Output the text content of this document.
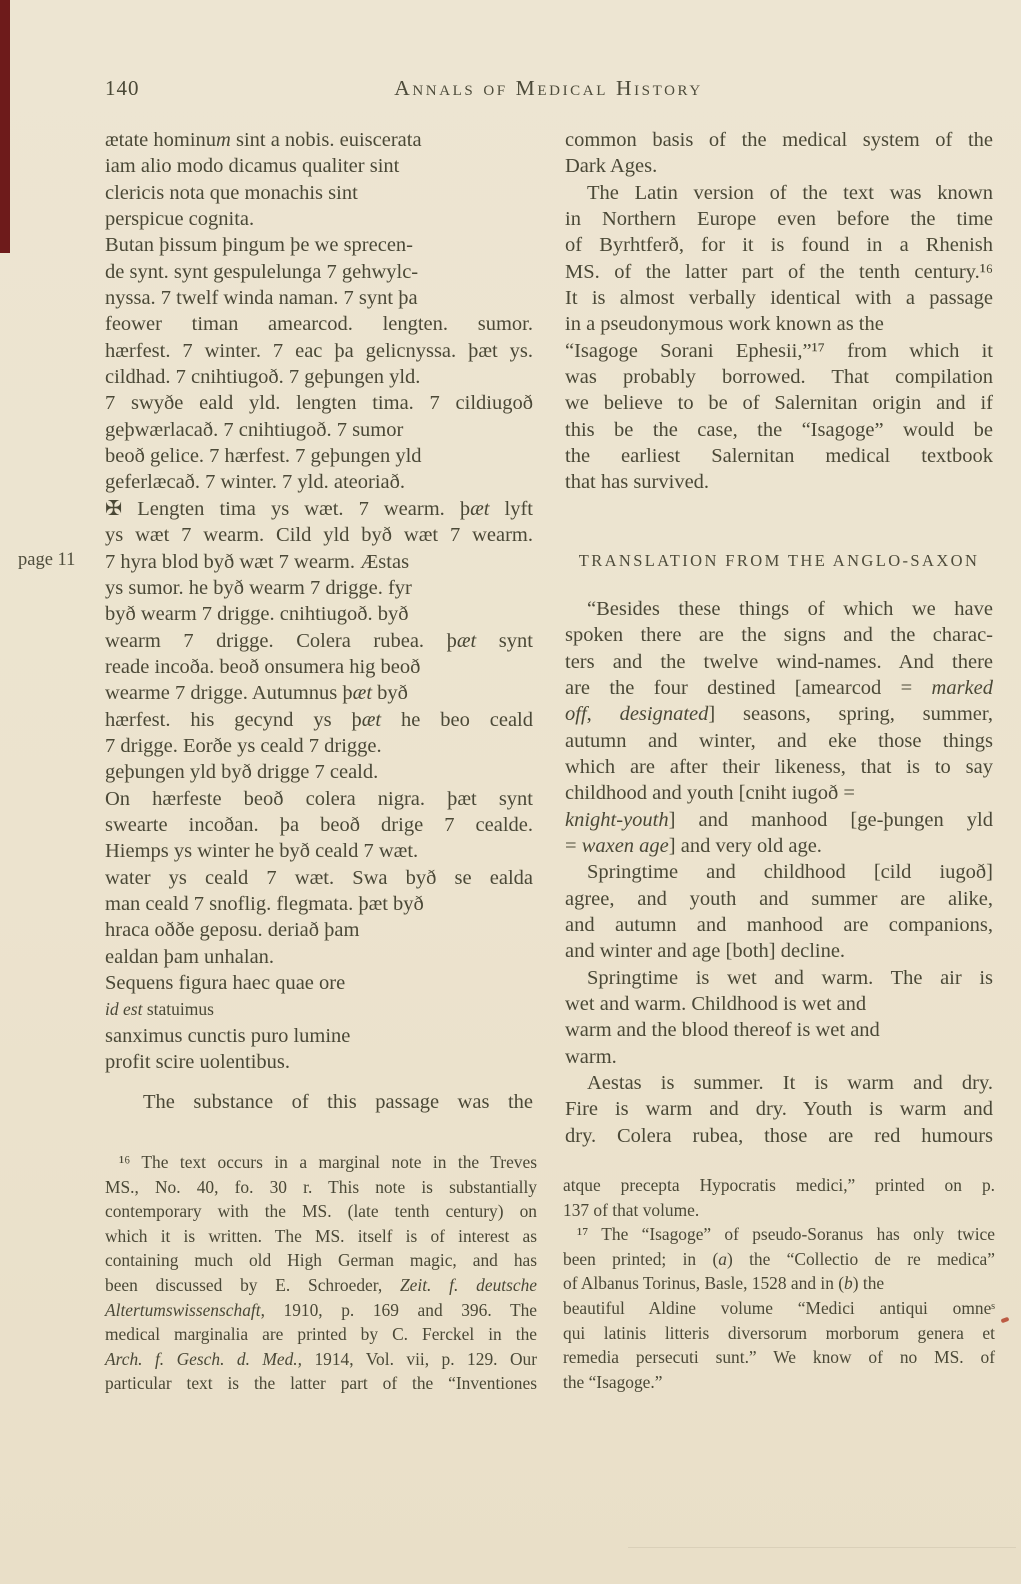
140	Annals of Medical History
page 11
ætate hominum sint a nobis. euiscerata
iam alio modo dicamus qualiter sint
clericis nota que monachis sint
perspicue cognita.
Butan þissum þingum þe we sprecen-
de synt. synt gespulelunga 7 gehwylc-
nyssa. 7 twelf winda naman. 7 synt þa
feower timan amearcod. lengten. sumor.
hærfest. 7 winter. 7 eac þa gelicnyssa. þæt ys.
cildhad. 7 cnihtiugoð. 7 geþungen yld.
7 swyðe eald yld. lengten tima. 7 cildiugoð
geþwærlacað. 7 cnihtiugoð. 7 sumor
beoð gelice. 7 hærfest. 7 geþungen yld
geferlæcað. 7 winter. 7 yld. ateoriað.
✠ Lengten tima ys wæt. 7 wearm. þæt lyft
ys wæt 7 wearm. Cild yld byð wæt 7 wearm.
7 hyra blod byð wæt 7 wearm. Æstas
ys sumor. he byð wearm 7 drigge. fyr
byð wearm 7 drigge. cnihtiugoð. byð
wearm 7 drigge. Colera rubea. þæt synt
reade incoða. beoð onsumera hig beoð
wearme 7 drigge. Autumnus þæt byð
hærfest. his gecynd ys þæt he beo ceald
7 drigge. Eorðe ys ceald 7 drigge.
geþungen yld byð drigge 7 ceald.
On hærfeste beoð colera nigra. þæt synt
swearte incoðan. þa beoð drige 7 cealde.
Hiemps ys winter he byð ceald 7 wæt.
water ys ceald 7 wæt. Swa byð se ealda
man ceald 7 snoflig. flegmata. þæt byð
hraca oððe geposu. deriað þam
ealdan þam unhalan.
Sequens figura haec quae ore
id est statuimus
sanximus cunctis puro lumine
profit scire uolentibus.
The substance of this passage was the
common basis of the medical system of the
Dark Ages.
The Latin version of the text was known
in Northern Europe even before the time
of Byrhtferð, for it is found in a Rhenish
MS. of the latter part of the tenth century.¹⁶
It is almost verbally identical with a passage
in a pseudonymous work known as the
“Isagoge Sorani Ephesii,”¹⁷ from which it
was probably borrowed. That compilation
we believe to be of Salernitan origin and if
this be the case, the “Isagoge” would be
the earliest Salernitan medical textbook
that has survived.
TRANSLATION FROM THE ANGLO-SAXON
“Besides these things of which we have
spoken there are the signs and the charac-
ters and the twelve wind-names. And there
are the four destined [amearcod = marked
off, designated] seasons, spring, summer,
autumn and winter, and eke those things
which are after their likeness, that is to say
childhood and youth [cniht iugoð =
knight-youth] and manhood [ge-þungen yld
= waxen age] and very old age.
Springtime and childhood [cild iugoð]
agree, and youth and summer are alike,
and autumn and manhood are companions,
and winter and age [both] decline.
Springtime is wet and warm. The air is
wet and warm. Childhood is wet and
warm and the blood thereof is wet and
warm.
Aestas is summer. It is warm and dry.
Fire is warm and dry. Youth is warm and
dry. Colera rubea, those are red humours
¹⁶ The text occurs in a marginal note in the Treves
MS., No. 40, fo. 30 r. This note is substantially
contemporary with the MS. (late tenth century) on
which it is written. The MS. itself is of interest as
containing much old High German magic, and has
been discussed by E. Schroeder, Zeit. f. deutsche
Altertumswissenschaft, 1910, p. 169 and 396. The
medical marginalia are printed by C. Ferckel in the
Arch. f. Gesch. d. Med., 1914, Vol. vii, p. 129. Our
particular text is the latter part of the “Inventiones
atque precepta Hypocratis medici,” printed on p.
137 of that volume.
¹⁷ The “Isagoge” of pseudo-Soranus has only twice
been printed; in (a) the “Collectio de re medica”
of Albanus Torinus, Basle, 1528 and in (b) the
beautiful Aldine volume “Medici antiqui omneˢ
qui latinis litteris diversorum morborum genera et
remedia persecuti sunt.” We know of no MS. of
the “Isagoge.”
